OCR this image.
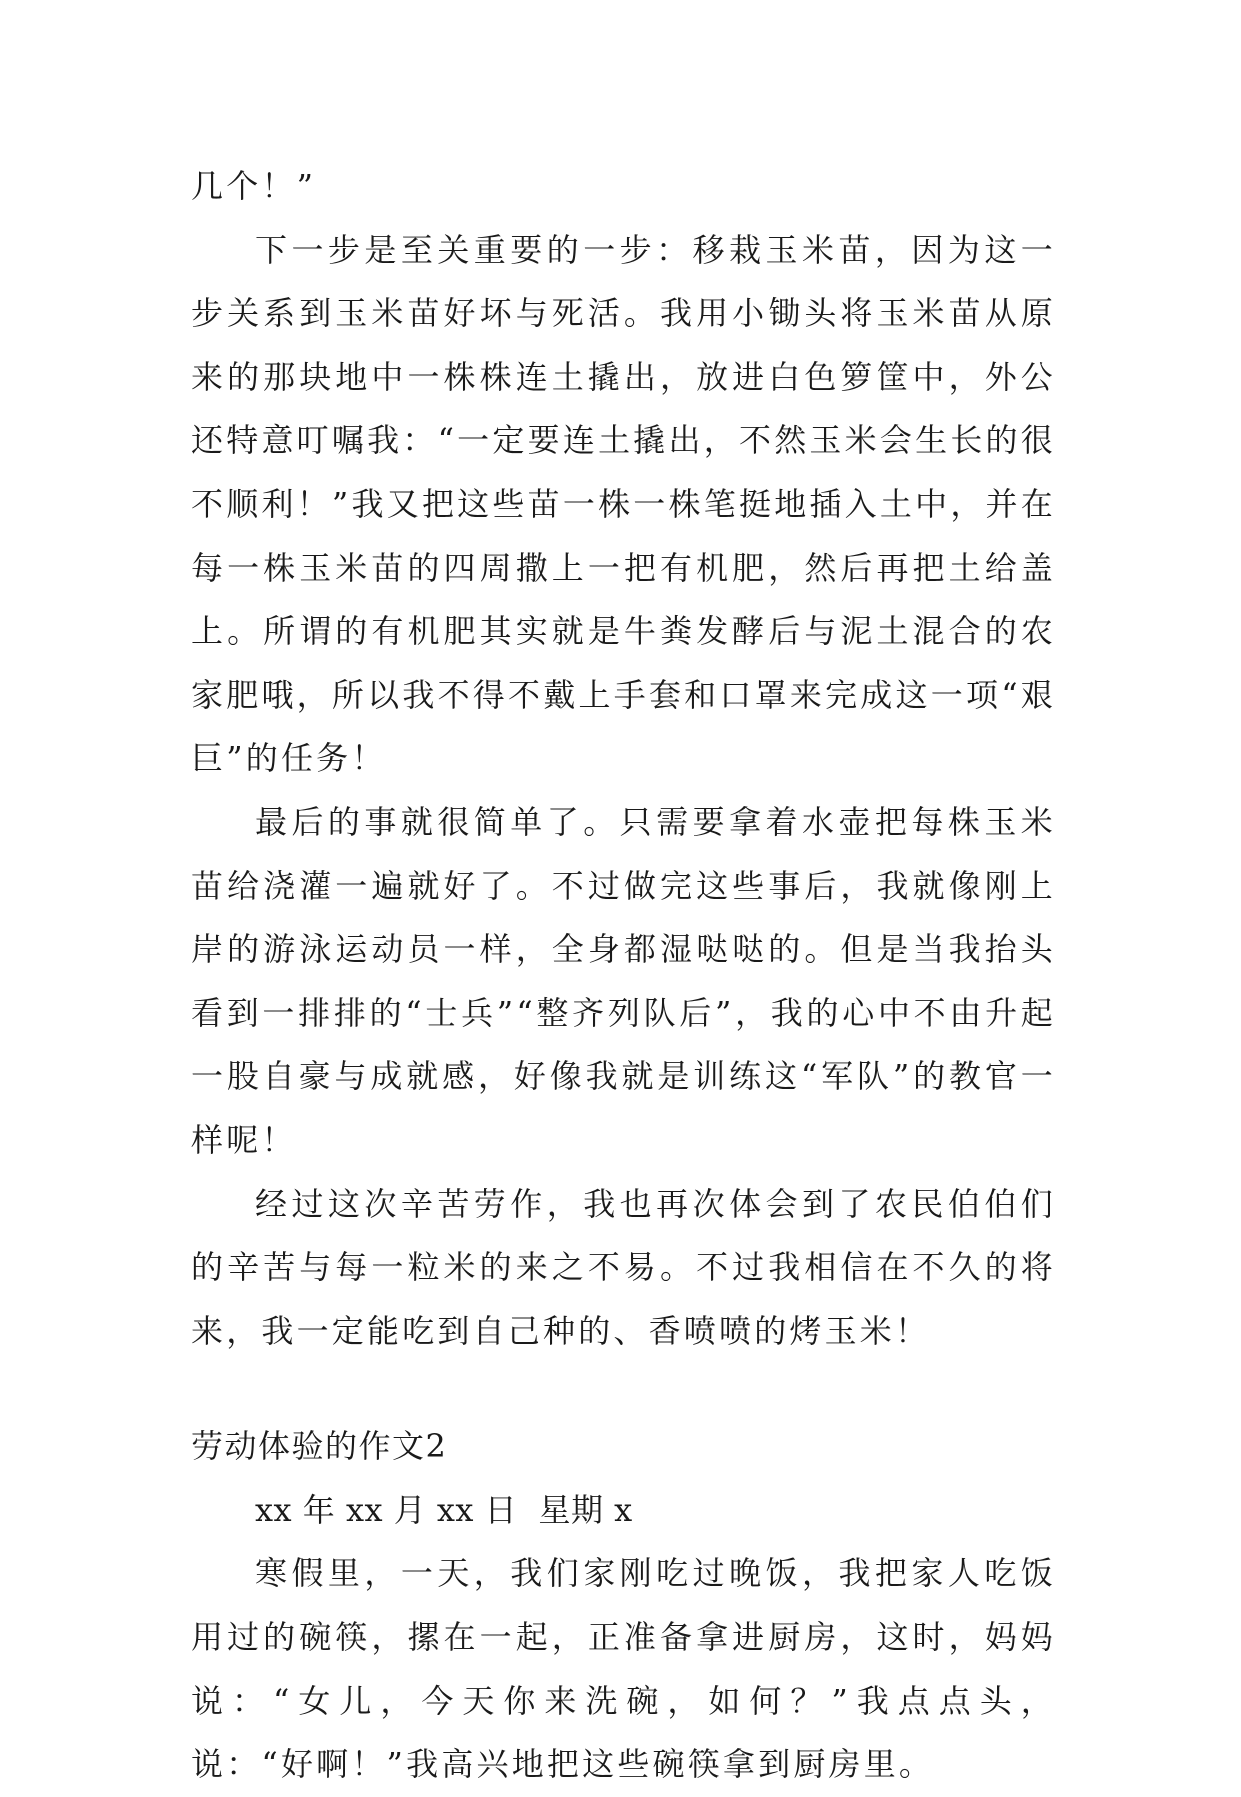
几个！”

下一步是至关重要的一步：移栽玉米苗，因为这一步关系到玉米苗好坏与死活。我用小锄头将玉米苗从原来的那块地中一株株连土撬出，放进白色箩筐中，外公还特意叮嘱我：“一定要连土撬出，不然玉米会生长的很不顺利！”我又把这些苗一株一株笔挺地插入土中，并在每一株玉米苗的四周撒上一把有机肥，然后再把土给盖上。所谓的有机肥其实就是牛粪发酵后与泥土混合的农家肥哦，所以我不得不戴上手套和口罩来完成这一项“艰巨”的任务！

最后的事就很简单了。只需要拿着水壶把每株玉米苗给浇灌一遍就好了。不过做完这些事后，我就像刚上岸的游泳运动员一样，全身都湿哒哒的。但是当我抬头看到一排排的“士兵”“整齐列队后”，我的心中不由升起一股自豪与成就感，好像我就是训练这“军队”的教官一样呢！

经过这次辛苦劳作，我也再次体会到了农民伯伯们的辛苦与每一粒米的来之不易。不过我相信在不久的将来，我一定能吃到自己种的、香喷喷的烤玉米！

劳动体验的作文2

xx 年 xx 月 xx 日  星期 x

寒假里，一天，我们家刚吃过晚饭，我把家人吃饭用过的碗筷，摞在一起，正准备拿进厨房，这时，妈妈说：“女儿，今天你来洗碗，如何？”我点点头，说：“好啊！”我高兴地把这些碗筷拿到厨房里。
